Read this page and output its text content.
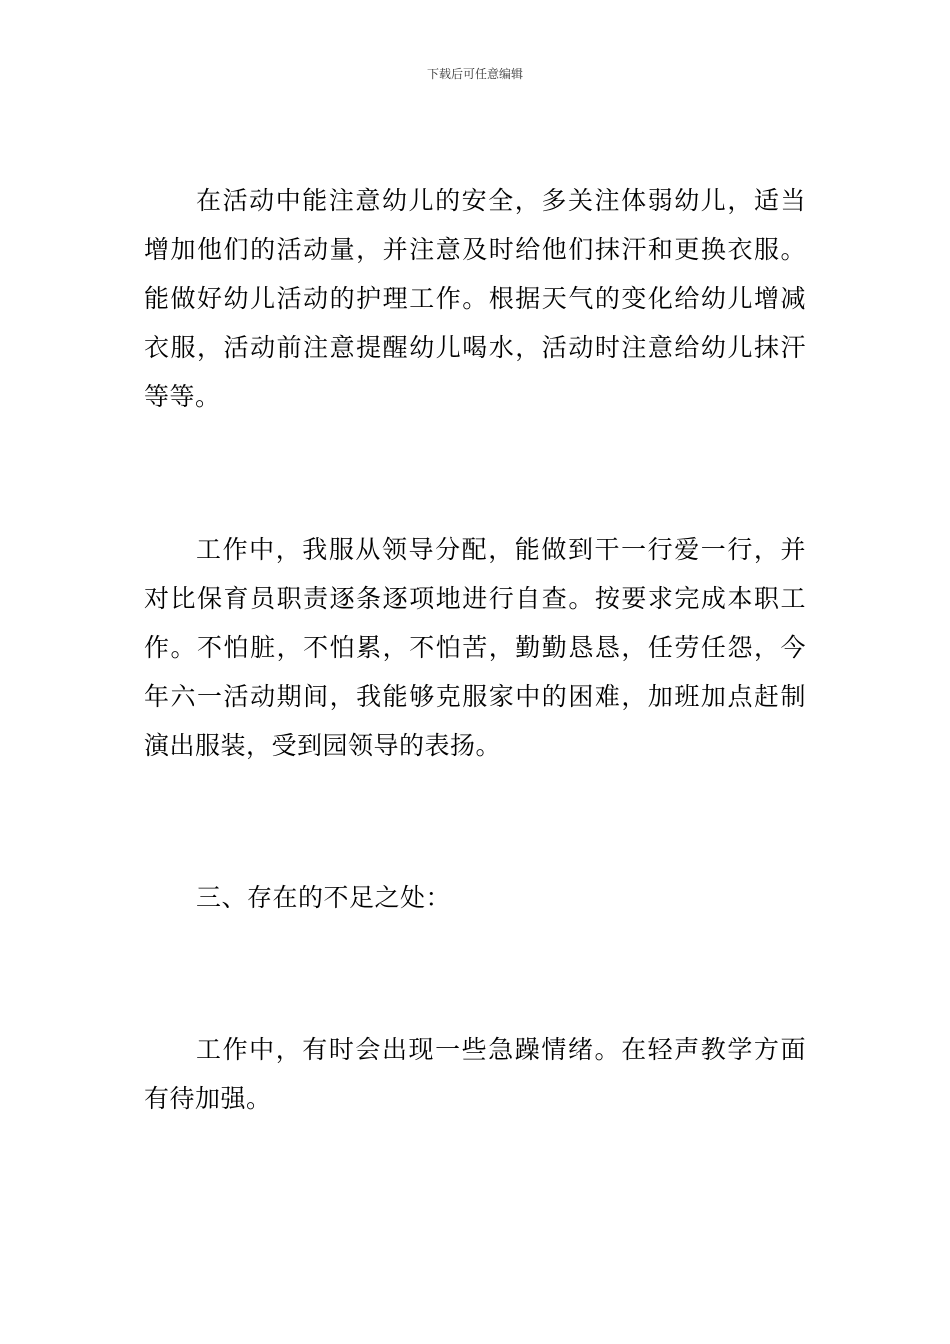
下载后可任意编辑

在活动中能注意幼儿的安全，多关注体弱幼儿，适当增加他们的活动量，并注意及时给他们抹汗和更换衣服。能做好幼儿活动的护理工作。根据天气的变化给幼儿增减衣服，活动前注意提醒幼儿喝水，活动时注意给幼儿抹汗等等。

工作中，我服从领导分配，能做到干一行爱一行，并对比保育员职责逐条逐项地进行自查。按要求完成本职工作。不怕脏，不怕累，不怕苦，勤勤恳恳，任劳任怨，今年六一活动期间，我能够克服家中的困难，加班加点赶制演出服装，受到园领导的表扬。

三、存在的不足之处：

工作中，有时会出现一些急躁情绪。在轻声教学方面有待加强。
